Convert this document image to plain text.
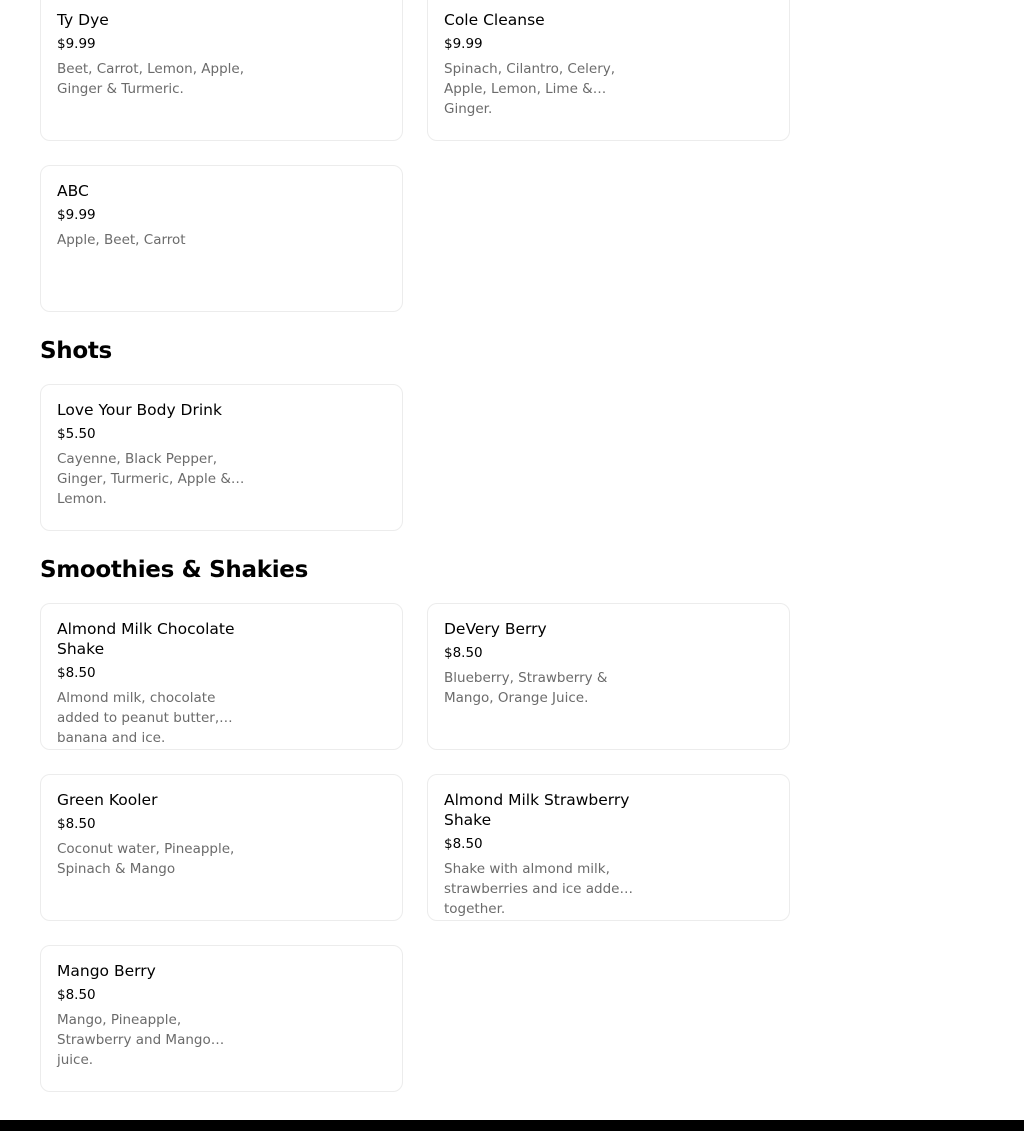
Ty Dye
$9.99
Beet, Carrot, Lemon, Apple, Ginger & Turmeric.
Cole Cleanse
$9.99
Spinach, Cilantro, Celery, Apple, Lemon, Lime & Ginger.
ABC
$9.99
Apple, Beet, Carrot
Shots
Love Your Body Drink
$5.50
Cayenne, Black Pepper, Ginger, Turmeric, Apple & Lemon.
Smoothies & Shakies
Almond Milk Chocolate Shake
$8.50
Almond milk, chocolate added to peanut butter, banana and ice.
DeVery Berry
$8.50
Blueberry, Strawberry & Mango, Orange Juice.
Green Kooler
$8.50
Coconut water, Pineapple, Spinach & Mango
Almond Milk Strawberry Shake
$8.50
Shake with almond milk, strawberries and ice added together.
Mango Berry
$8.50
Mango, Pineapple, Strawberry and Mango juice.
